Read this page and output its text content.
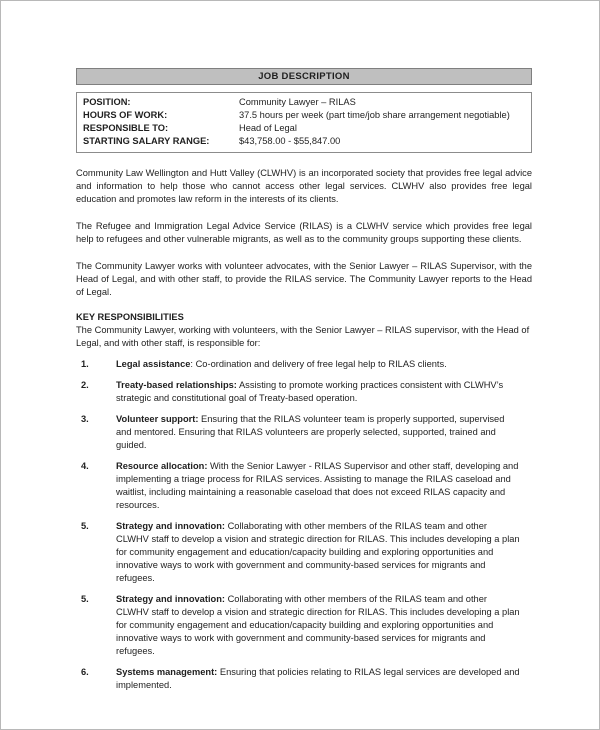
JOB DESCRIPTION
POSITION:	Community Lawyer – RILAS
HOURS OF WORK:	37.5 hours per week (part time/job share arrangement negotiable)
RESPONSIBLE TO:	Head of Legal
STARTING SALARY RANGE:	$43,758.00 - $55,847.00

Community Law Wellington and Hutt Valley (CLWHV) is an incorporated society that provides free legal advice and information to help those who cannot access other legal services. CLWHV also provides free legal education and promotes law reform in the interests of its clients.

The Refugee and Immigration Legal Advice Service (RILAS) is a CLWHV service which provides free legal help to refugees and other vulnerable migrants, as well as to the community groups supporting these clients.

The Community Lawyer works with volunteer advocates, with the Senior Lawyer – RILAS Supervisor, with the Head of Legal, and with other staff, to provide the RILAS service. The Community Lawyer reports to the Head of Legal.

KEY RESPONSIBILITIES
The Community Lawyer, working with volunteers, with the Senior Lawyer – RILAS supervisor, with the Head of Legal, and with other staff, is responsible for:
1.	Legal assistance: Co-ordination and delivery of free legal help to RILAS clients.
2.	Treaty-based relationships: Assisting to promote working practices consistent with CLWHV’s strategic and constitutional goal of Treaty-based operation.
3.	Volunteer support: Ensuring that the RILAS volunteer team is properly supported, supervised and mentored. Ensuring that RILAS volunteers are properly selected, supported, trained and guided.
4.	Resource allocation: With the Senior Lawyer - RILAS Supervisor and other staff, developing and implementing a triage process for RILAS services. Assisting to manage the RILAS caseload and waitlist, including maintaining a reasonable caseload that does not exceed RILAS capacity and resources.
5.	Strategy and innovation: Collaborating with other members of the RILAS team and other CLWHV staff to develop a vision and strategic direction for RILAS. This includes developing a plan for community engagement and education/capacity building and exploring opportunities and innovative ways to work with government and community-based services for migrants and refugees.
5.	Strategy and innovation: Collaborating with other members of the RILAS team and other CLWHV staff to develop a vision and strategic direction for RILAS. This includes developing a plan for community engagement and education/capacity building and exploring opportunities and innovative ways to work with government and community-based services for migrants and refugees.
6.	Systems management: Ensuring that policies relating to RILAS legal services are developed and implemented.
